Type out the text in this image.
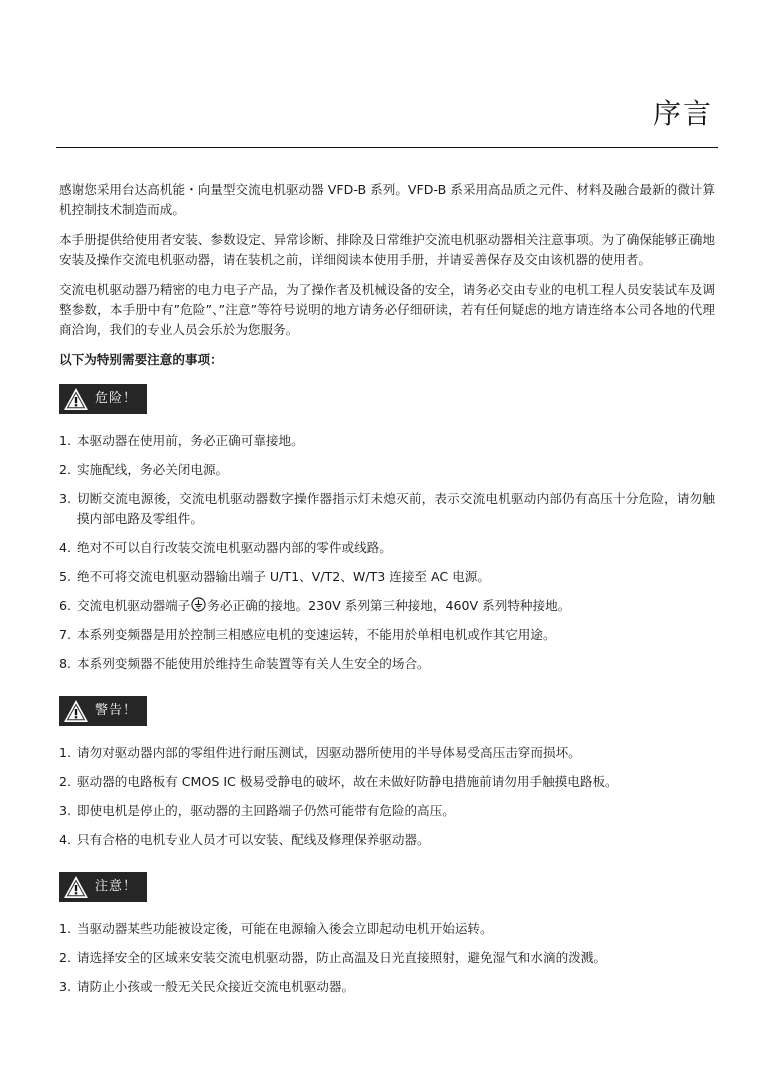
序言

感谢您采用台达高机能・向量型交流电机驱动器 VFD-B 系列。VFD-B 系采用高品质之元件、材料及融合最新的微计算机控制技术制造而成。

本手册提供给使用者安装、参数设定、异常诊断、排除及日常维护交流电机驱动器相关注意事项。为了确保能够正确地安装及操作交流电机驱动器，请在装机之前，详细阅读本使用手册，并请妥善保存及交由该机器的使用者。

交流电机驱动器乃精密的电力电子产品，为了操作者及机械设备的安全，请务必交由专业的电机工程人员安装试车及调整参数，本手册中有”危险”、”注意”等符号说明的地方请务必仔细研读，若有任何疑虑的地方请连络本公司各地的代理商洽询，我们的专业人员会乐於为您服务。

以下为特别需要注意的事项：
危险！
1. 本驱动器在使用前，务必正确可靠接地。
2. 实施配线，务必关闭电源。
3. 切断交流电源後，交流电机驱动器数字操作器指示灯未熄灭前，表示交流电机驱动内部仍有高压十分危险，请勿触摸内部电路及零组件。
4. 绝对不可以自行改装交流电机驱动器内部的零件或线路。
5. 绝不可将交流电机驱动器输出端子 U/T1、V/T2、W/T3 连接至 AC 电源。
6. 交流电机驱动器端子 务必正确的接地。230V 系列第三种接地，460V 系列特种接地。
7. 本系列变频器是用於控制三相感应电机的变速运转，不能用於单相电机或作其它用途。
8. 本系列变频器不能使用於维持生命装置等有关人生安全的场合。
警告！
1. 请勿对驱动器内部的零组件进行耐压测试，因驱动器所使用的半导体易受高压击穿而损坏。
2. 驱动器的电路板有 CMOS IC 极易受静电的破坏，故在未做好防静电措施前请勿用手触摸电路板。
3. 即使电机是停止的，驱动器的主回路端子仍然可能带有危险的高压。
4. 只有合格的电机专业人员才可以安装、配线及修理保养驱动器。
注意！
1. 当驱动器某些功能被设定後，可能在电源输入後会立即起动电机开始运转。
2. 请选择安全的区域来安装交流电机驱动器，防止高温及日光直接照射，避免湿气和水滴的泼溅。
3. 请防止小孩或一般无关民众接近交流电机驱动器。
